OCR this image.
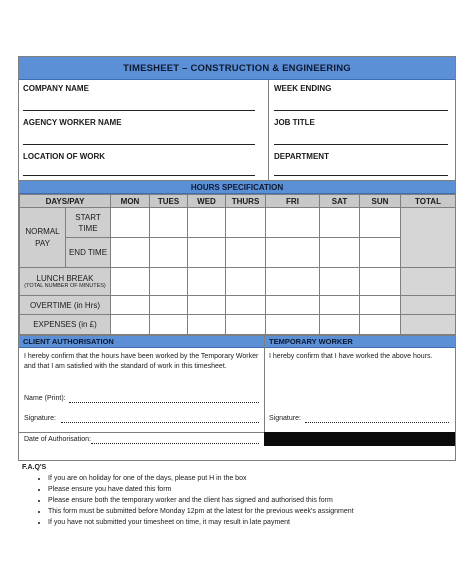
TIMESHEET – CONSTRUCTION & ENGINEERING
COMPANY NAME	WEEK ENDING
AGENCY WORKER NAME	JOB TITLE
LOCATION OF WORK	DEPARTMENT
HOURS SPECIFICATION
DAYS/PAY		MON	TUES	WED	THURS	FRI	SAT	SUN	TOTAL
NORMAL PAY	START TIME								
	END TIME								

LUNCH BREAK
(TOTAL NUMBER OF MINUTES)									

OVERTIME (in Hrs)									
EXPENSES (in £)									
CLIENT AUTHORISATION	TEMPORARY WORKER
I hereby confirm that the hours have been worked by the Temporary Worker and that I am satisfied with the standard of work in this timesheet.
I hereby confirm that I have worked the above hours.
Name (Print):
Signature:	Signature:
Date of Authorisation:
F.A.Q'S
• If you are on holiday for one of the days, please put H in the box
• Please ensure you have dated this form
• Please ensure both the temporary worker and the client has signed and authorised this form
• This form must be submitted before Monday 12pm at the latest for the previous week's assignment
• If you have not submitted your timesheet on time, it may result in late payment
